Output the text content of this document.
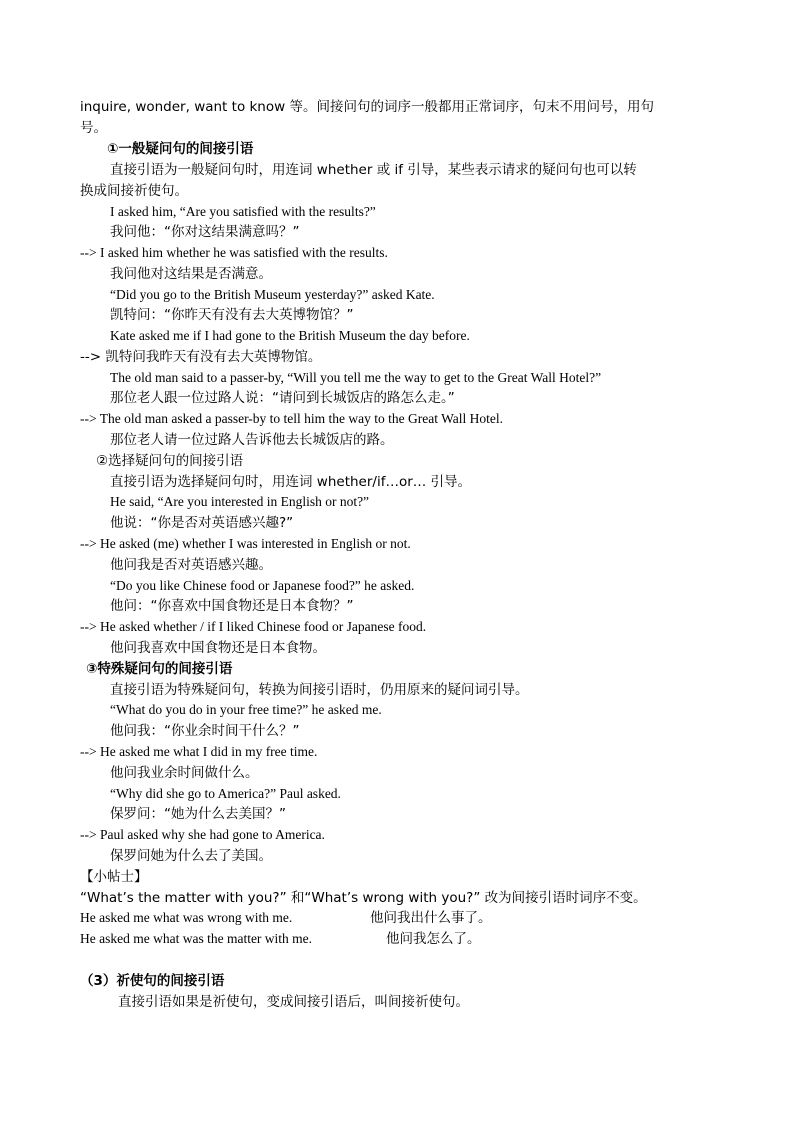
inquire, wonder, want to know 等。间接问句的词序一般都用正常词序，句末不用问号，用句
号。
①一般疑问句的间接引语
直接引语为一般疑问句时，用连词 whether 或 if 引导，某些表示请求的疑问句也可以转
换成间接祈使句。
I asked him, “Are you satisfied with the results?”
我问他：“你对这结果满意吗？”
--> I asked him whether he was satisfied with the results.
我问他对这结果是否满意。
“Did you go to the British Museum yesterday?” asked Kate.
凯特问：“你昨天有没有去大英博物馆？”
Kate asked me if I had gone to the British Museum the day before.
--> 凯特问我昨天有没有去大英博物馆。
The old man said to a passer-by, “Will you tell me the way to get to the Great Wall Hotel?”
那位老人跟一位过路人说：“请问到长城饭店的路怎么走。”
--> The old man asked a passer-by to tell him the way to the Great Wall Hotel.
那位老人请一位过路人告诉他去长城饭店的路。
②选择疑问句的间接引语
直接引语为选择疑问句时，用连词 whether/if…or… 引导。
He said, “Are you interested in English or not?”
他说：“你是否对英语感兴趣?”
--> He asked (me) whether I was interested in English or not.
他问我是否对英语感兴趣。
“Do you like Chinese food or Japanese food?” he asked.
他问：“你喜欢中国食物还是日本食物？”
--> He asked whether / if I liked Chinese food or Japanese food.
他问我喜欢中国食物还是日本食物。
③特殊疑问句的间接引语
直接引语为特殊疑问句，转换为间接引语时，仍用原来的疑问词引导。
“What do you do in your free time?” he asked me.
他问我：“你业余时间干什么？”
--> He asked me what I did in my free time.
他问我业余时间做什么。
“Why did she go to America?” Paul asked.
保罗问：“她为什么去美国？”
--> Paul asked why she had gone to America.
保罗问她为什么去了美国。
【小帖士】
“What’s the matter with you?” 和“What’s wrong with you?” 改为间接引语时词序不变。
He asked me what was wrong with me.	他问我出什么事了。
He asked me what was the matter with me.	他问我怎么了。
（3）祈使句的间接引语
直接引语如果是祈使句，变成间接引语后，叫间接祈使句。
